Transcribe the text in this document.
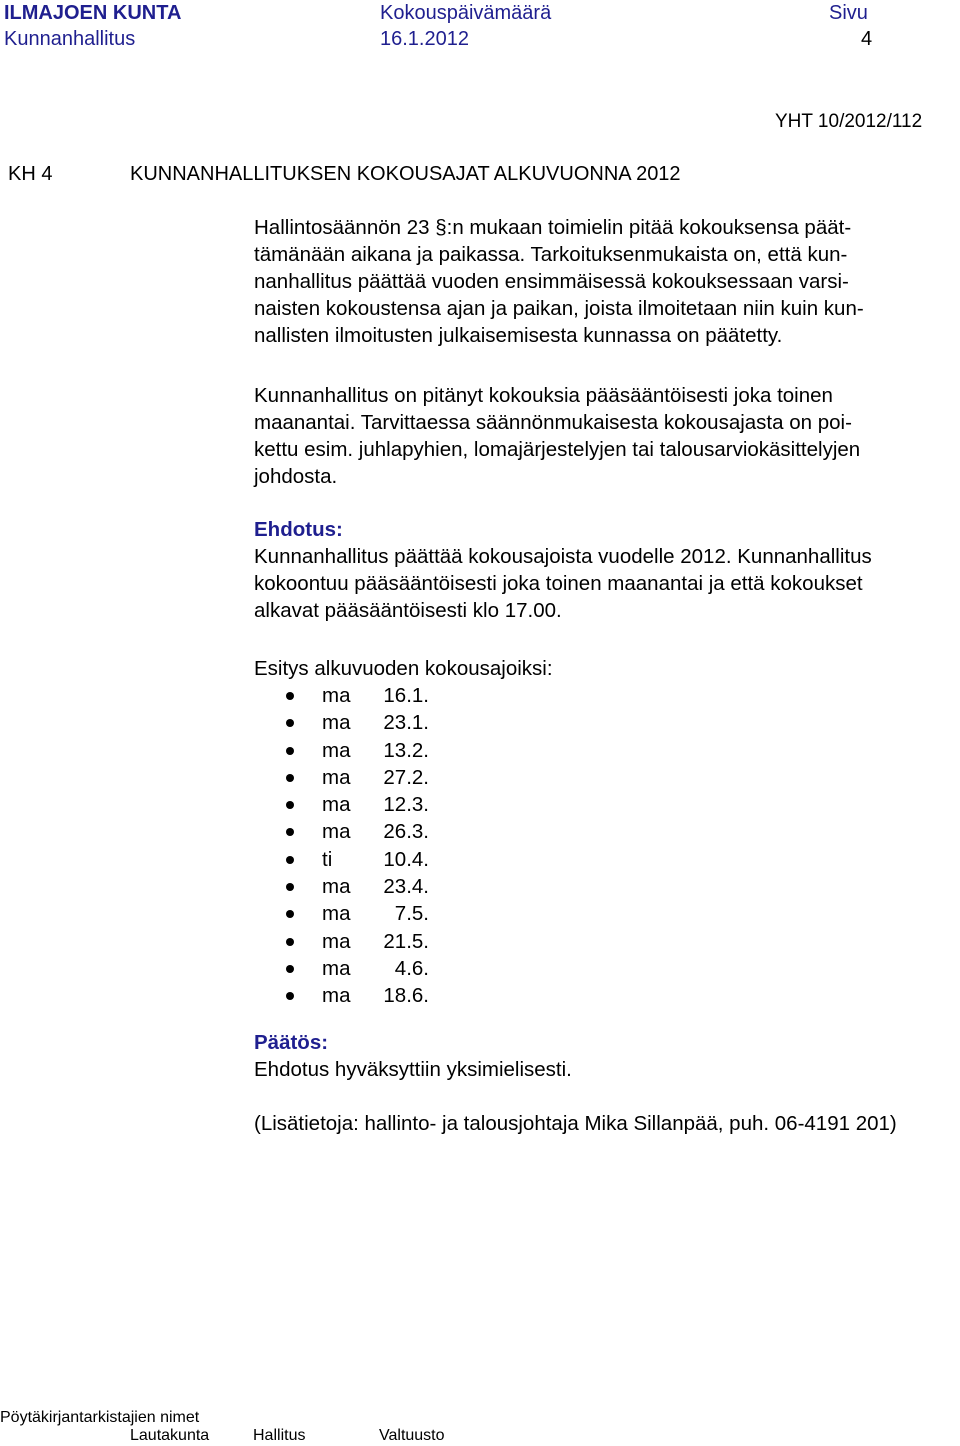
ILMAJOEN KUNTA
Kunnanhallitus
Kokouspäivämäärä
16.1.2012
Sivu
4
YHT 10/2012/112
KH 4	KUNNANHALLITUKSEN KOKOUSAJAT ALKUVUONNA 2012
Hallintosäännön 23 §:n mukaan toimielin pitää kokouksensa päät-
tämänään aikana ja paikassa. Tarkoituksenmukaista on, että kun-
nanhallitus päättää vuoden ensimmäisessä kokouksessaan varsi-
naisten kokoustensa ajan ja paikan, joista ilmoitetaan niin kuin kun-
nallisten ilmoitusten julkaisemisesta kunnassa on päätetty.
Kunnanhallitus on pitänyt kokouksia pääsääntöisesti joka toinen
maanantai. Tarvittaessa säännönmukaisesta kokousajasta on poi-
kettu esim. juhlapyhien, lomajärjestelyjen tai talousarviokäsittelyjen
johdosta.
Ehdotus:
Kunnanhallitus päättää kokousajoista vuodelle 2012. Kunnanhallitus
kokoontuu pääsääntöisesti joka toinen maanantai ja että kokoukset
alkavat pääsääntöisesti klo 17.00.
Esitys alkuvuoden kokousajoiksi:
ma	16.1.
ma	23.1.
ma	13.2.
ma	27.2.
ma	12.3.
ma	26.3.
ti	10.4.
ma	23.4.
ma	7.5.
ma	21.5.
ma	4.6.
ma	18.6.
Päätös:
Ehdotus hyväksyttiin yksimielisesti.
(Lisätietoja: hallinto- ja talousjohtaja Mika Sillanpää, puh. 06-4191 201)
Pöytäkirjantarkistajien nimet
Lautakunta	Hallitus	Valtuusto
